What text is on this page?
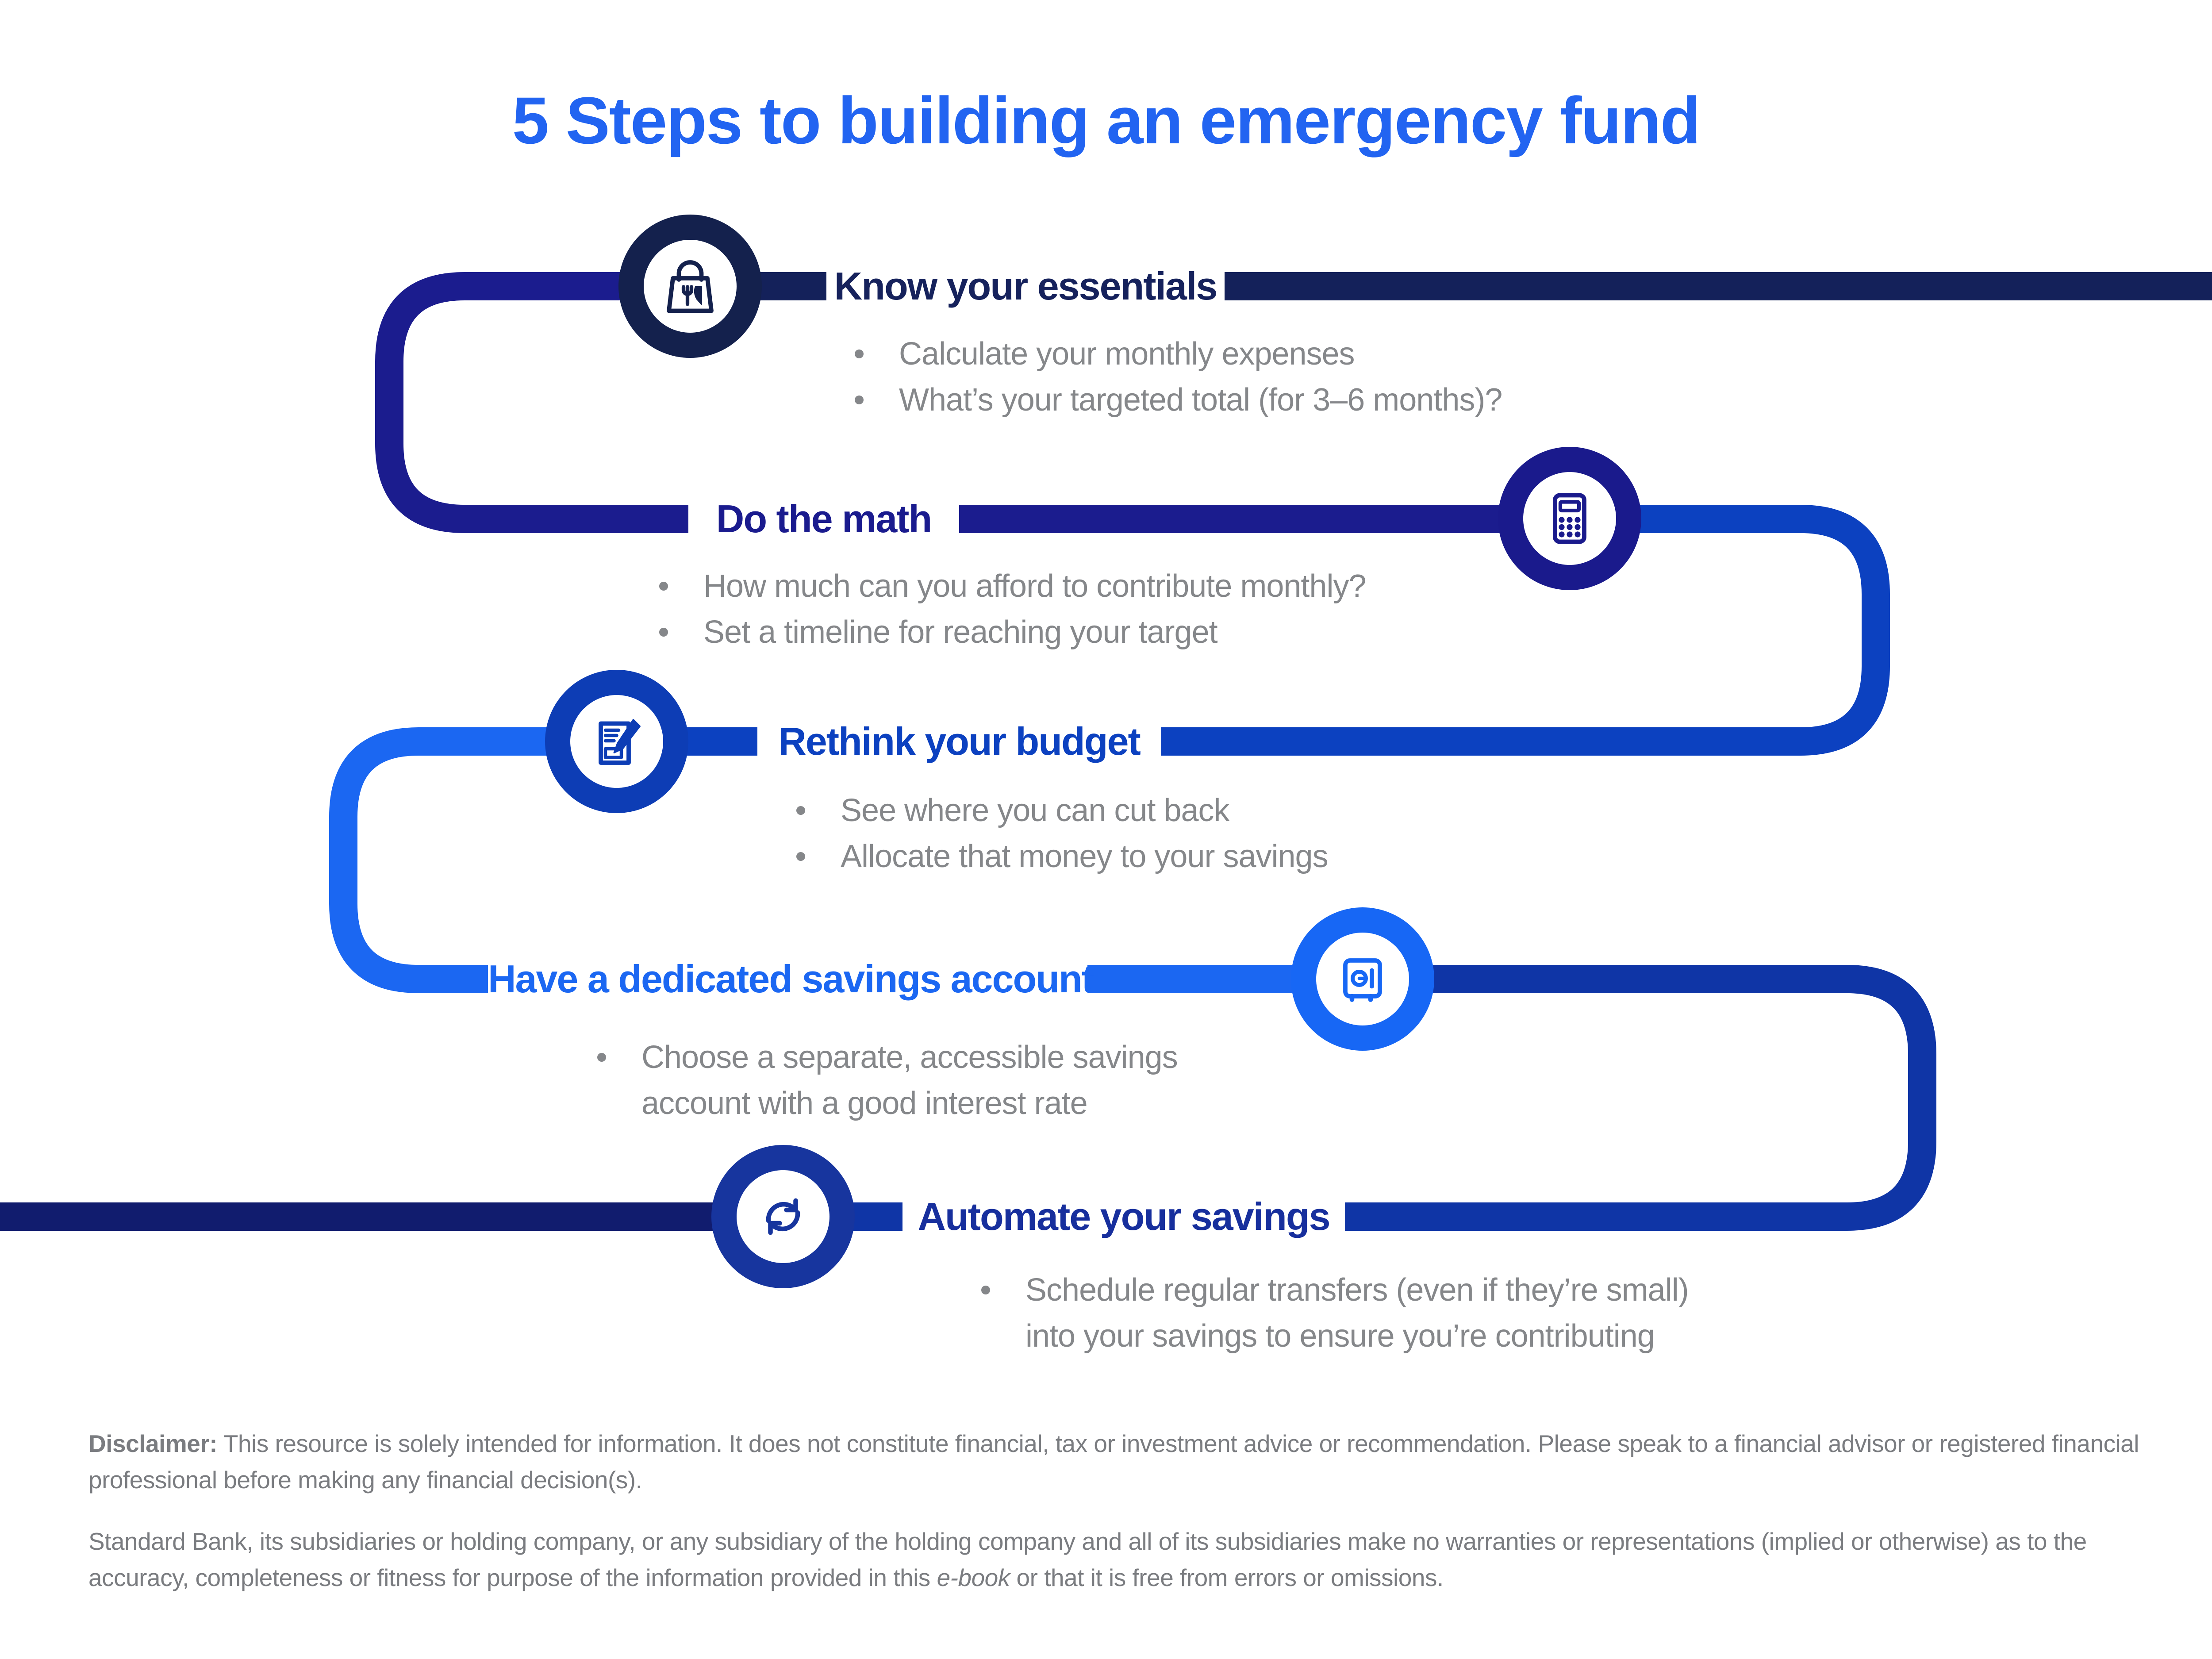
5 Steps to building an emergency fund
Know your essentials
Do the math
Rethink your budget
Have a dedicated savings account
Automate your savings
Calculate your monthly expenses
What’s your targeted total (for 3–6 months)?
How much can you afford to contribute monthly?
Set a timeline for reaching your target
See where you can cut back
Allocate that money to your savings
Choose a separate, accessible savings
account with a good interest rate
Schedule regular transfers (even if they’re small)
into your savings to ensure you’re contributing
Disclaimer: This resource is solely intended for information. It does not constitute financial, tax or investment advice or recommendation. Please speak to a financial advisor or registered financial professional before making any financial decision(s).
Standard Bank, its subsidiaries or holding company, or any subsidiary of the holding company and all of its subsidiaries make no warranties or representations (implied or otherwise) as to the accuracy, completeness or fitness for purpose of the information provided in this e-book or that it is free from errors or omissions.
